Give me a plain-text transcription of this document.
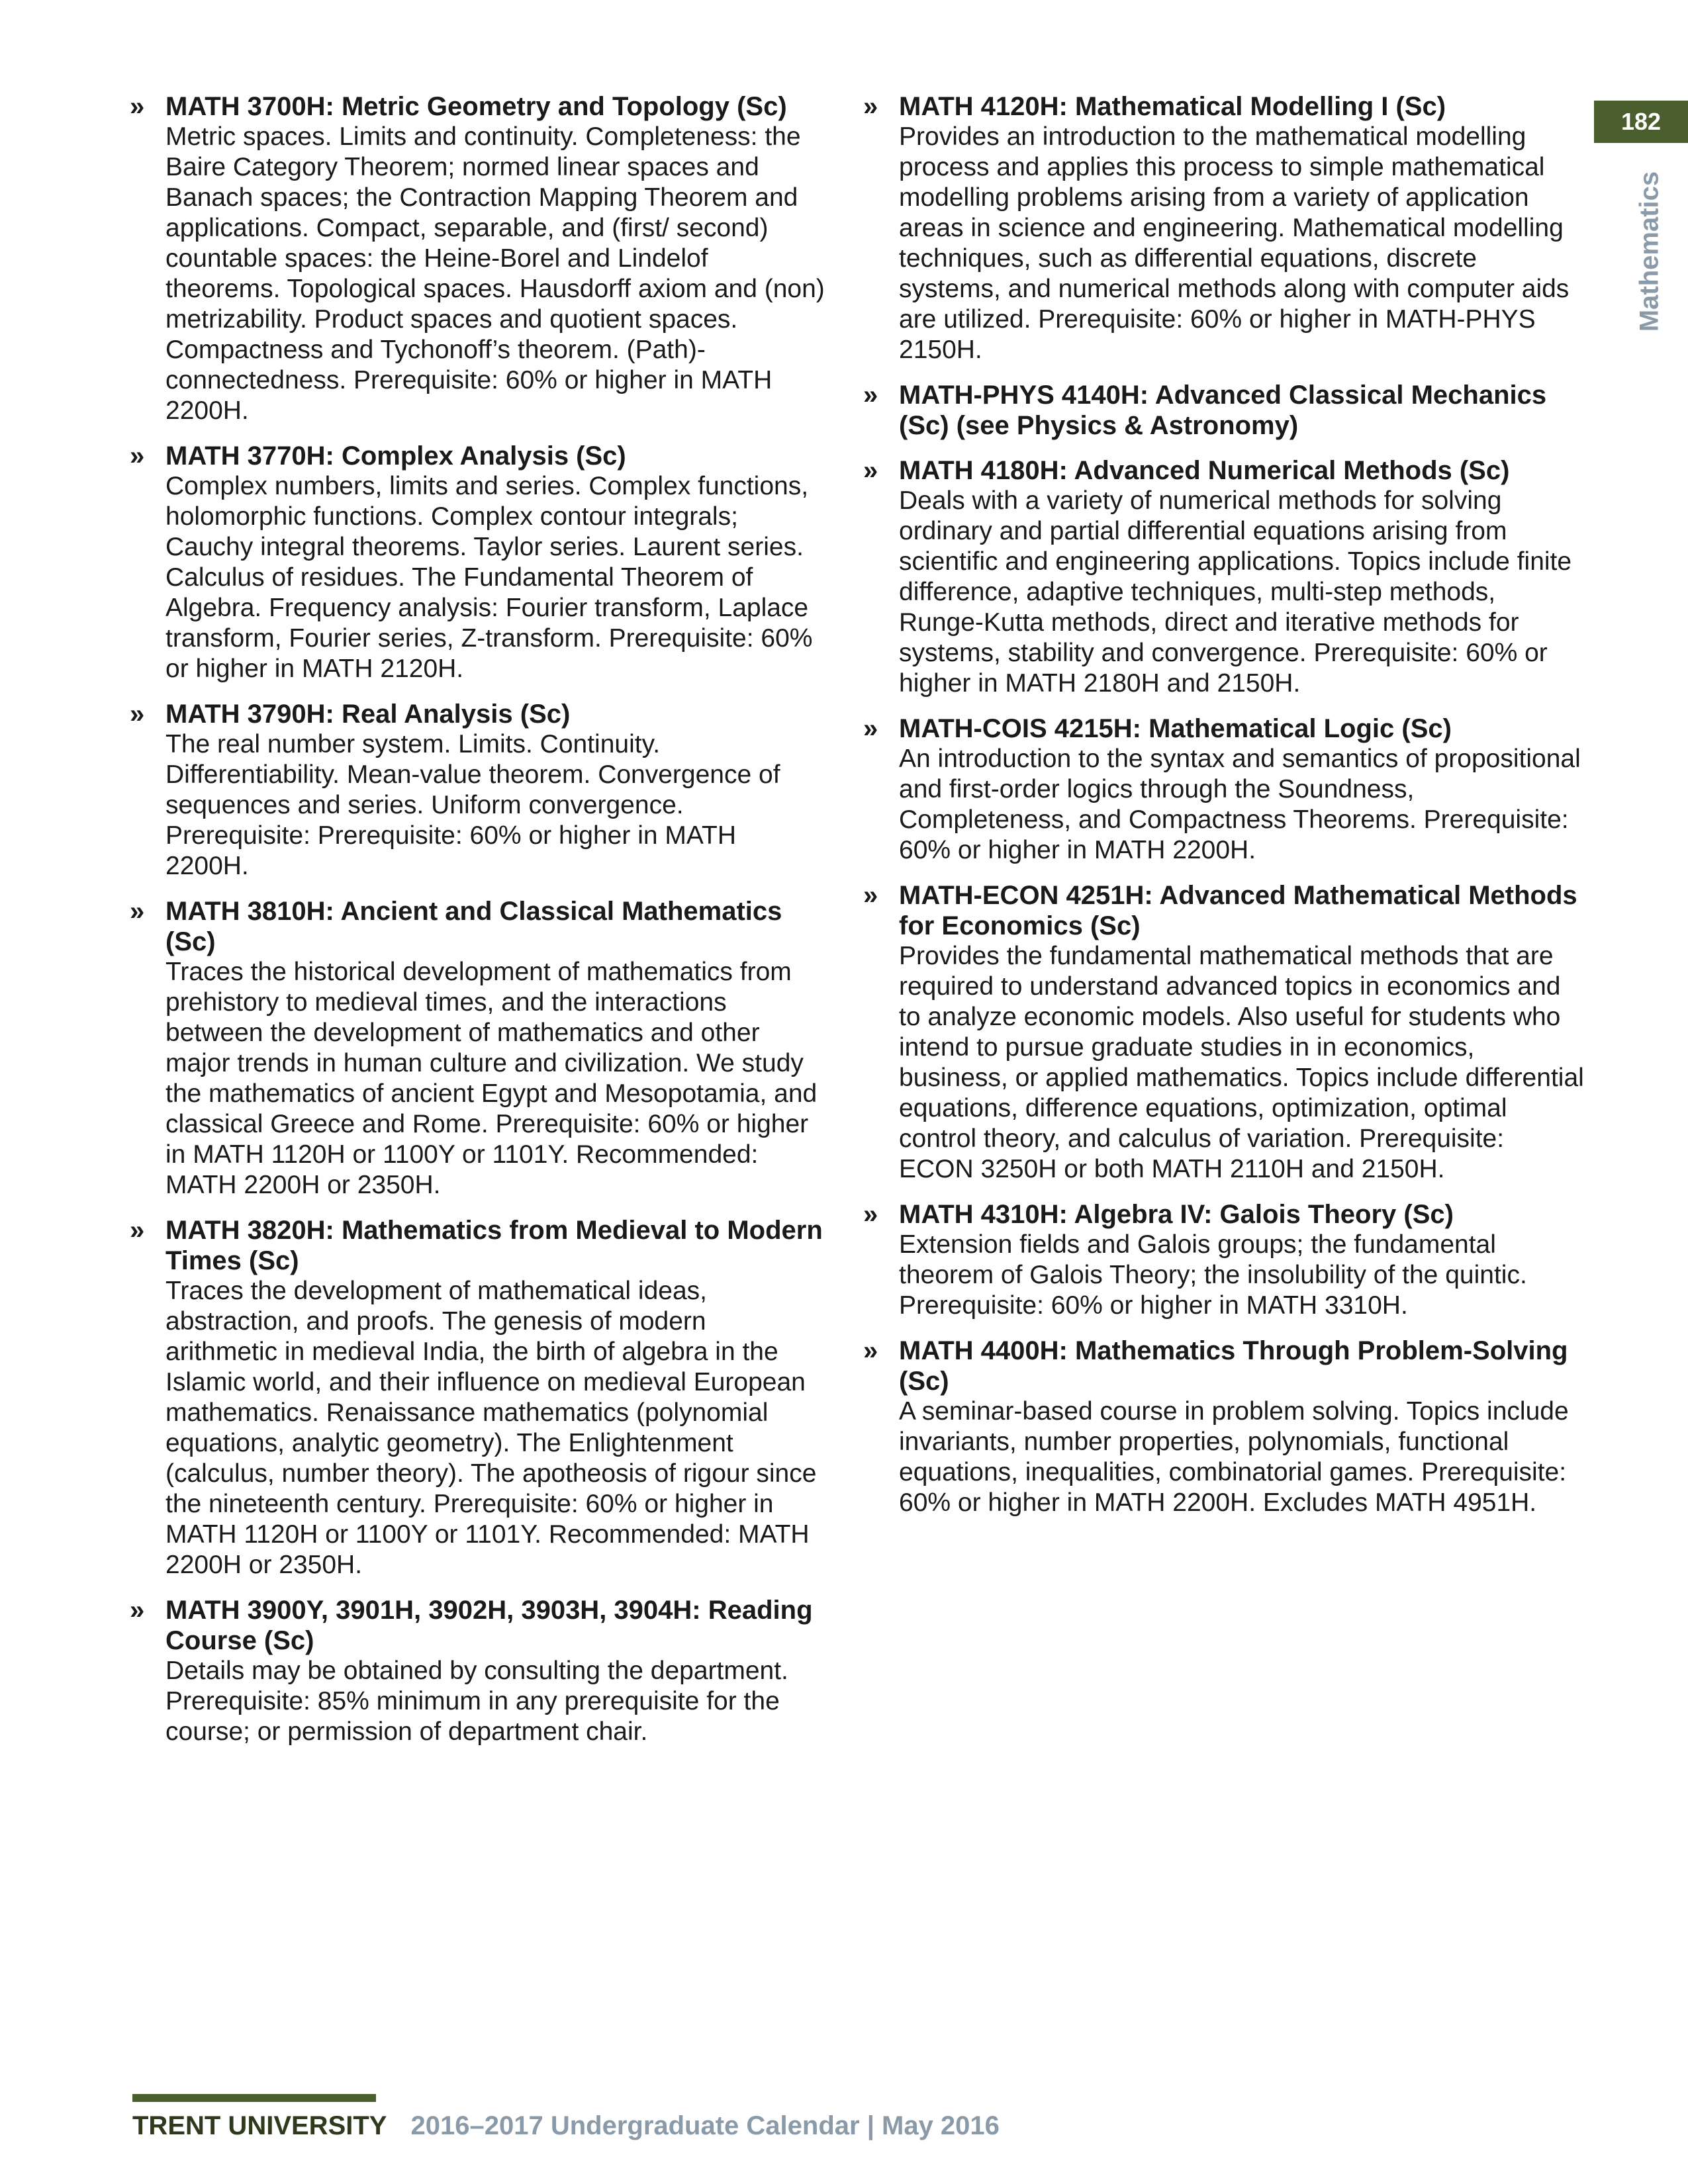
» MATH 3700H: Metric Geometry and Topology (Sc)

Metric spaces. Limits and continuity. Completeness: the Baire Category Theorem; normed linear spaces and Banach spaces; the Contraction Mapping Theorem and applications. Compact, separable, and (first/ second) countable spaces: the Heine-Borel and Lindelof theorems. Topological spaces. Hausdorff axiom and (non) metrizability. Product spaces and quotient spaces. Compactness and Tychonoff’s theorem. (Path)-connectedness. Prerequisite: 60% or higher in MATH 2200H.

» MATH 3770H: Complex Analysis (Sc)

Complex numbers, limits and series. Complex functions, holomorphic functions. Complex contour integrals; Cauchy integral theorems. Taylor series. Laurent series. Calculus of residues. The Fundamental Theorem of Algebra. Frequency analysis: Fourier transform, Laplace transform, Fourier series, Z-transform. Prerequisite: 60% or higher in MATH 2120H.

» MATH 3790H: Real Analysis (Sc)

The real number system. Limits. Continuity. Differentiability. Mean-value theorem. Convergence of sequences and series. Uniform convergence. Prerequisite: Prerequisite: 60% or higher in MATH 2200H.

» MATH 3810H: Ancient and Classical Mathematics (Sc)

Traces the historical development of mathematics from prehistory to medieval times, and the interactions between the development of mathematics and other major trends in human culture and civilization. We study the mathematics of ancient Egypt and Mesopotamia, and classical Greece and Rome. Prerequisite: 60% or higher in MATH 1120H or 1100Y or 1101Y. Recommended: MATH 2200H or 2350H.

» MATH 3820H: Mathematics from Medieval to Modern Times (Sc)

Traces the development of mathematical ideas, abstraction, and proofs. The genesis of modern arithmetic in medieval India, the birth of algebra in the Islamic world, and their influence on medieval European mathematics. Renaissance mathematics (polynomial equations, analytic geometry). The Enlightenment (calculus, number theory). The apotheosis of rigour since the nineteenth century. Prerequisite: 60% or higher in MATH 1120H or 1100Y or 1101Y. Recommended: MATH 2200H or 2350H.

» MATH 3900Y, 3901H, 3902H, 3903H, 3904H: Reading Course (Sc)

Details may be obtained by consulting the department. Prerequisite: 85% minimum in any prerequisite for the course; or permission of department chair.

» MATH 4120H: Mathematical Modelling I (Sc)

Provides an introduction to the mathematical modelling process and applies this process to simple mathematical modelling problems arising from a variety of application areas in science and engineering. Mathematical modelling techniques, such as differential equations, discrete systems, and numerical methods along with computer aids are utilized. Prerequisite: 60% or higher in MATH-PHYS 2150H.

» MATH-PHYS 4140H: Advanced Classical Mechanics (Sc) (see Physics & Astronomy)

» MATH 4180H: Advanced Numerical Methods (Sc)

Deals with a variety of numerical methods for solving ordinary and partial differential equations arising from scientific and engineering applications. Topics include finite difference, adaptive techniques, multi-step methods, Runge-Kutta methods, direct and iterative methods for systems, stability and convergence. Prerequisite: 60% or higher in MATH 2180H and 2150H.

» MATH-COIS 4215H: Mathematical Logic (Sc)

An introduction to the syntax and semantics of propositional and first-order logics through the Soundness, Completeness, and Compactness Theorems. Prerequisite: 60% or higher in MATH 2200H.

» MATH-ECON 4251H: Advanced Mathematical Methods for Economics (Sc)

Provides the fundamental mathematical methods that are required to understand advanced topics in economics and to analyze economic models. Also useful for students who intend to pursue graduate studies in in economics, business, or applied mathematics. Topics include differential equations, difference equations, optimization, optimal control theory, and calculus of variation. Prerequisite: ECON 3250H or both MATH 2110H and 2150H.

» MATH 4310H: Algebra IV: Galois Theory (Sc)

Extension fields and Galois groups; the fundamental theorem of Galois Theory; the insolubility of the quintic. Prerequisite: 60% or higher in MATH 3310H.

» MATH 4400H: Mathematics Through Problem-Solving (Sc)

A seminar-based course in problem solving. Topics include invariants, number properties, polynomials, functional equations, inequalities, combinatorial games. Prerequisite: 60% or higher in MATH 2200H. Excludes MATH 4951H.

182
Mathematics
TRENT UNIVERSITY 2016–2017 Undergraduate Calendar | May 2016
